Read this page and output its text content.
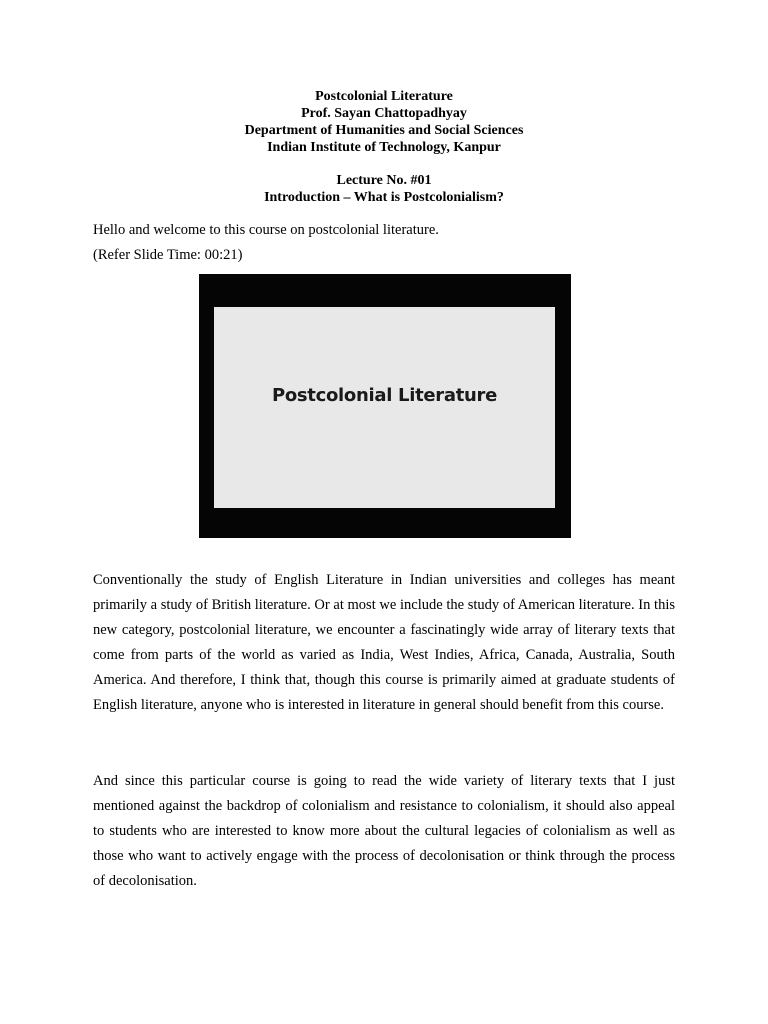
Postcolonial Literature
Prof. Sayan Chattopadhyay
Department of Humanities and Social Sciences
Indian Institute of Technology, Kanpur
Lecture No. #01
Introduction – What is Postcolonialism?
Hello and welcome to this course on postcolonial literature.
(Refer Slide Time: 00:21)
Postcolonial Literature

Conventionally the study of English Literature in Indian universities and colleges has meant primarily a study of British literature. Or at most we include the study of American literature. In this new category, postcolonial literature, we encounter a fascinatingly wide array of literary texts that come from parts of the world as varied as India, West Indies, Africa, Canada, Australia, South America. And therefore, I think that, though this course is primarily aimed at graduate students of English literature, anyone who is interested in literature in general should benefit from this course.

And since this particular course is going to read the wide variety of literary texts that I just mentioned against the backdrop of colonialism and resistance to colonialism, it should also appeal to students who are interested to know more about the cultural legacies of colonialism as well as those who want to actively engage with the process of decolonisation or think through the process of decolonisation.
